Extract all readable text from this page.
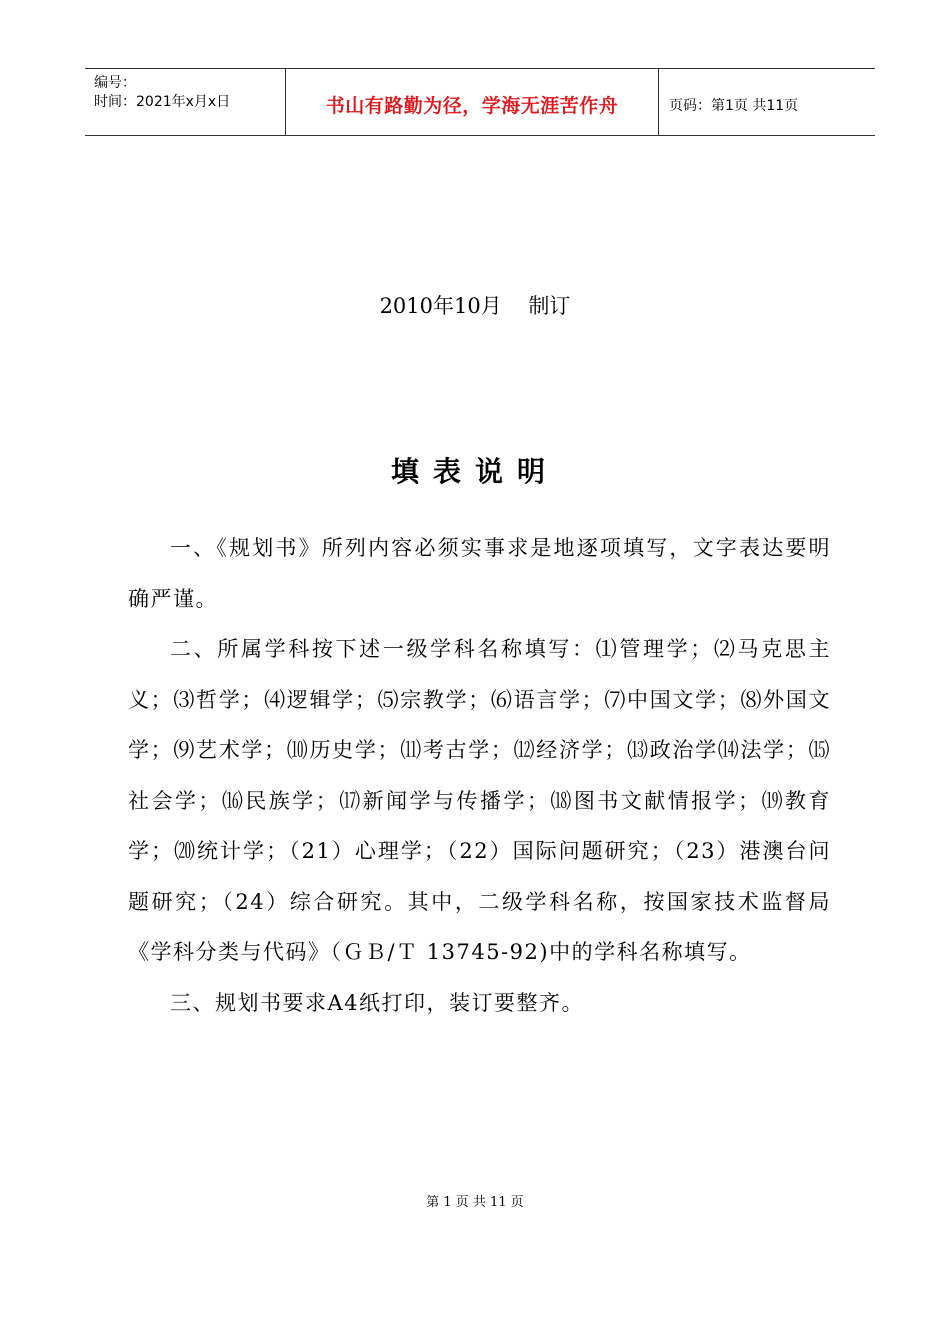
编号：
时间：2021年x月x日	书山有路勤为径，学海无涯苦作舟	页码：第1页 共11页
2010年10月    制订
填表说明

一、《规划书》所列内容必须实事求是地逐项填写，文字表达要明确严谨。

二、所属学科按下述一级学科名称填写：⑴管理学；⑵马克思主义；⑶哲学；⑷逻辑学；⑸宗教学；⑹语言学；⑺中国文学；⑻外国文学；⑼艺术学；⑽历史学；⑾考古学；⑿经济学；⒀政治学⒁法学；⒂社会学；⒃民族学；⒄新闻学与传播学；⒅图书文献情报学；⒆教育学；⒇统计学；（21）心理学；（22）国际问题研究；（23）港澳台问题研究；（24）综合研究。其中，二级学科名称，按国家技术监督局《学科分类与代码》（ＧＢ/Ｔ 13745-92)中的学科名称填写。

三、规划书要求A4纸打印，装订要整齐。

第 1 页 共 11 页
